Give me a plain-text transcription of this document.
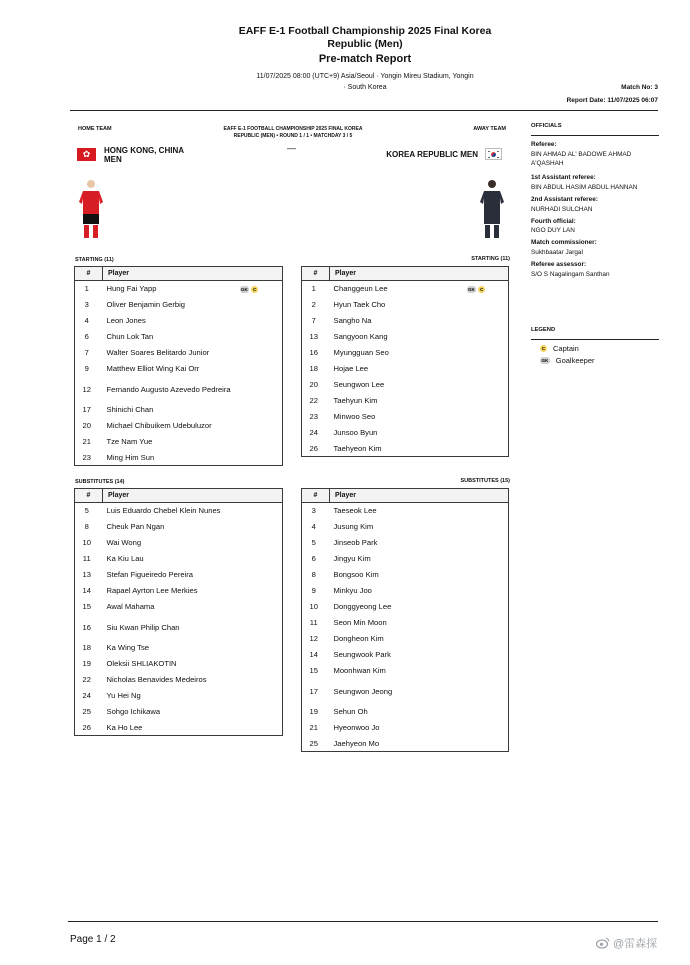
EAFF E-1 Football Championship 2025 Final Korea
Republic (Men)
Pre-match Report
11/07/2025 08:00 (UTC+9) Asia/Seoul · Yongin Mireu Stadium, Yongin
· South Korea	Match No: 3
Report Date: 11/07/2025 06:07
HOME TEAM	EAFF E-1 FOOTBALL CHAMPIONSHIP 2025 FINAL KOREA
REPUBLIC (MEN) • ROUND 1 / 1 • MATCHDAY 3 / 5
—
AWAY TEAM
✿ HONG KONG, CHINA
MEN
KOREA REPUBLIC MEN
STARTING (11)	STARTING (11)
SUBSTITUTES (14)	SUBSTITUTES (15)
#	Player
1	Hung Fai Yapp GK C
3	Oliver Benjamin Gerbig
4	Leon Jones
6	Chun Lok Tan
7	Walter Soares Belitardo Junior
9	Matthew Elliot Wing Kai Orr
12	Fernando Augusto Azevedo Pedreira
17	Shinichi Chan
20	Michael Chibuikem Udebuluzor
21	Tze Nam Yue
23	Ming Him Sun
#	Player
1	Changgeun Lee GK C
2	Hyun Taek Cho
7	Sangho Na
13	Sangyoon Kang
16	Myungguan Seo
18	Hojae Lee
20	Seungwon Lee
22	Taehyun Kim
23	Minwoo Seo
24	Junsoo Byun
26	Taehyeon Kim
#	Player
5	Luis Eduardo Chebel Klein Nunes
8	Cheuk Pan Ngan
10	Wai Wong
11	Ka Kiu Lau
13	Stefan Figueiredo Pereira
14	Rapael Ayrton Lee Merkies
15	Awal Mahama
16	Siu Kwan Philip Chan
18	Ka Wing Tse
19	Oleksii SHLIAKOTIN
22	Nicholas Benavides Medeiros
24	Yu Hei Ng
25	Sohgo Ichikawa
26	Ka Ho Lee
#	Player
3	Taeseok Lee
4	Jusung Kim
5	Jinseob Park
6	Jingyu Kim
8	Bongsoo Kim
9	Minkyu Joo
10	Donggyeong Lee
11	Seon Min Moon
12	Dongheon Kim
14	Seungwook Park
15	Moonhwan Kim
17	Seungwon Jeong
19	Sehun Oh
21	Hyeonwoo Jo
25	Jaehyeon Mo
OFFICIALS
Referee:
BIN AHMAD AL' BADOWE AHMAD
A'QASHAH
1st Assistant referee:
BIN ABDUL HASIM ABDUL HANNAN
2nd Assistant referee:
NURHADI SULCHAN
Fourth official:
NGO DUY LAN
Match commissioner:
Sukhbaatar Jargal
Referee assessor:
S/O S Nagalingam Santhan
LEGEND
C Captain
GK Goalkeeper
Page 1 / 2	@雷森探
